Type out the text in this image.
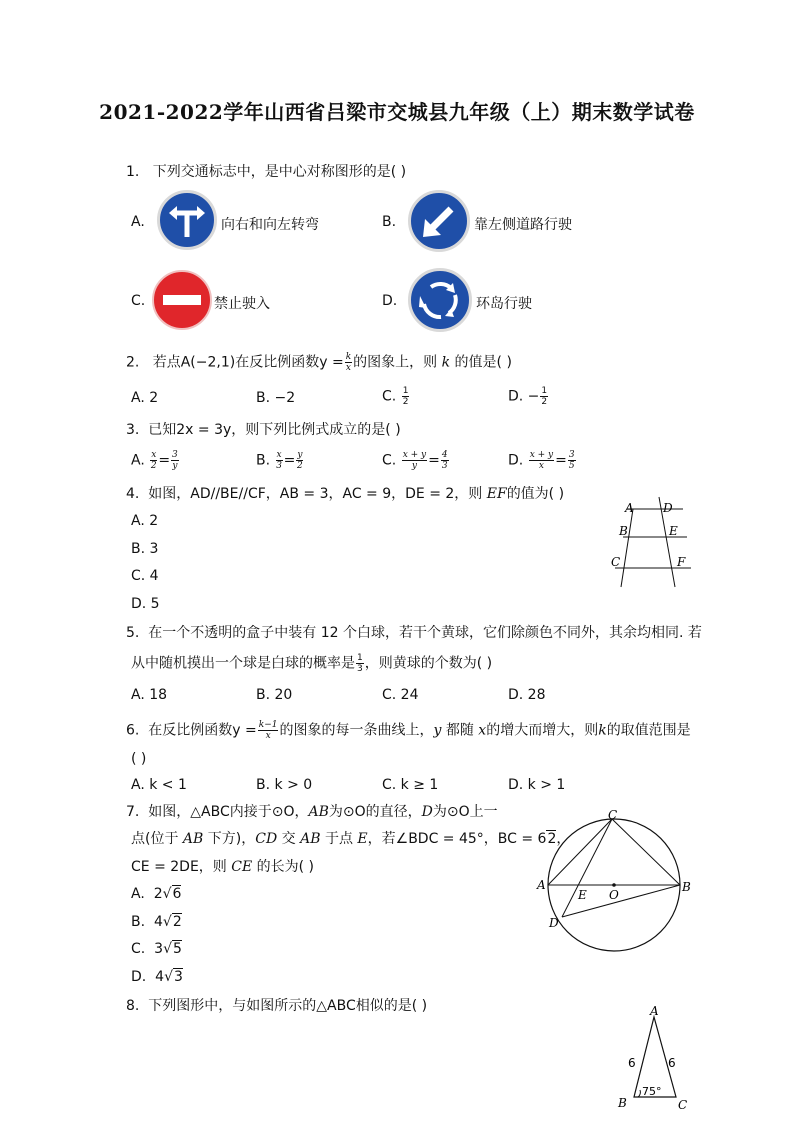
2021-2022学年山西省吕梁市交城县九年级（上）期末数学试卷
1. 下列交通标志中，是中心对称图形的是( )
A.	向右和向左转弯	B.	靠左侧道路行驶
C.	禁止驶入	D.	环岛行驶
2. 若点A(−2,1)在反比例函数$y = \frac{k}{x}$ 的图象上，则 k 的值是( )
A. 2	B. −2	C. $\frac{1}{2}$	D. − $\frac{1}{2}$
3. 已知2x = 3y，则下列比例式成立的是( )
A. $\frac{x}{2} = \frac{3}{y}$	B. $\frac{x}{3} = \frac{y}{2}$	C. $\frac{x + y}{y} = \frac{4}{3}$	D. $\frac{x + y}{x} = \frac{3}{5}$
4. 如图，AD//BE//CF，AB = 3，AC = 9，DE = 2，则 EF的值为( )
A. 2
B. 3
C. 4
D. 5
A D
B	E
C	F
5. 在一个不透明的盒子中装有 12 个白球，若干个黄球，它们除颜色不同外，其余均相同. 若
从中随机摸出一个球是白球的概率是 $\frac{1}{3}$ ，则黄球的个数为( )
A. 18	B. 20	C. 24	D. 28
6. 在反比例函数$y = \frac{k-1}{x}$ 的图象的每一条曲线上，y 都随 x的增大而增大，则k的取值范围是
( )
A. k < 1	B. k > 0	C. k ≥ 1	D. k > 1
7. 如图，△ABC内接于⊙O，AB为⊙O的直径，D为⊙O上一
点(位于 AB 下方)，CD 交 AB 于点 E，若∠BDC = 45°，BC = 62，
CE = 2DE，则 CE 的长为( )
A. 2√6
B. 4√2
C. 3√5
D. 4√3
C
A	B
E O
D
8. 下列图形中，与如图所示的△ABC相似的是( )	A
B	C
6	6
75°
